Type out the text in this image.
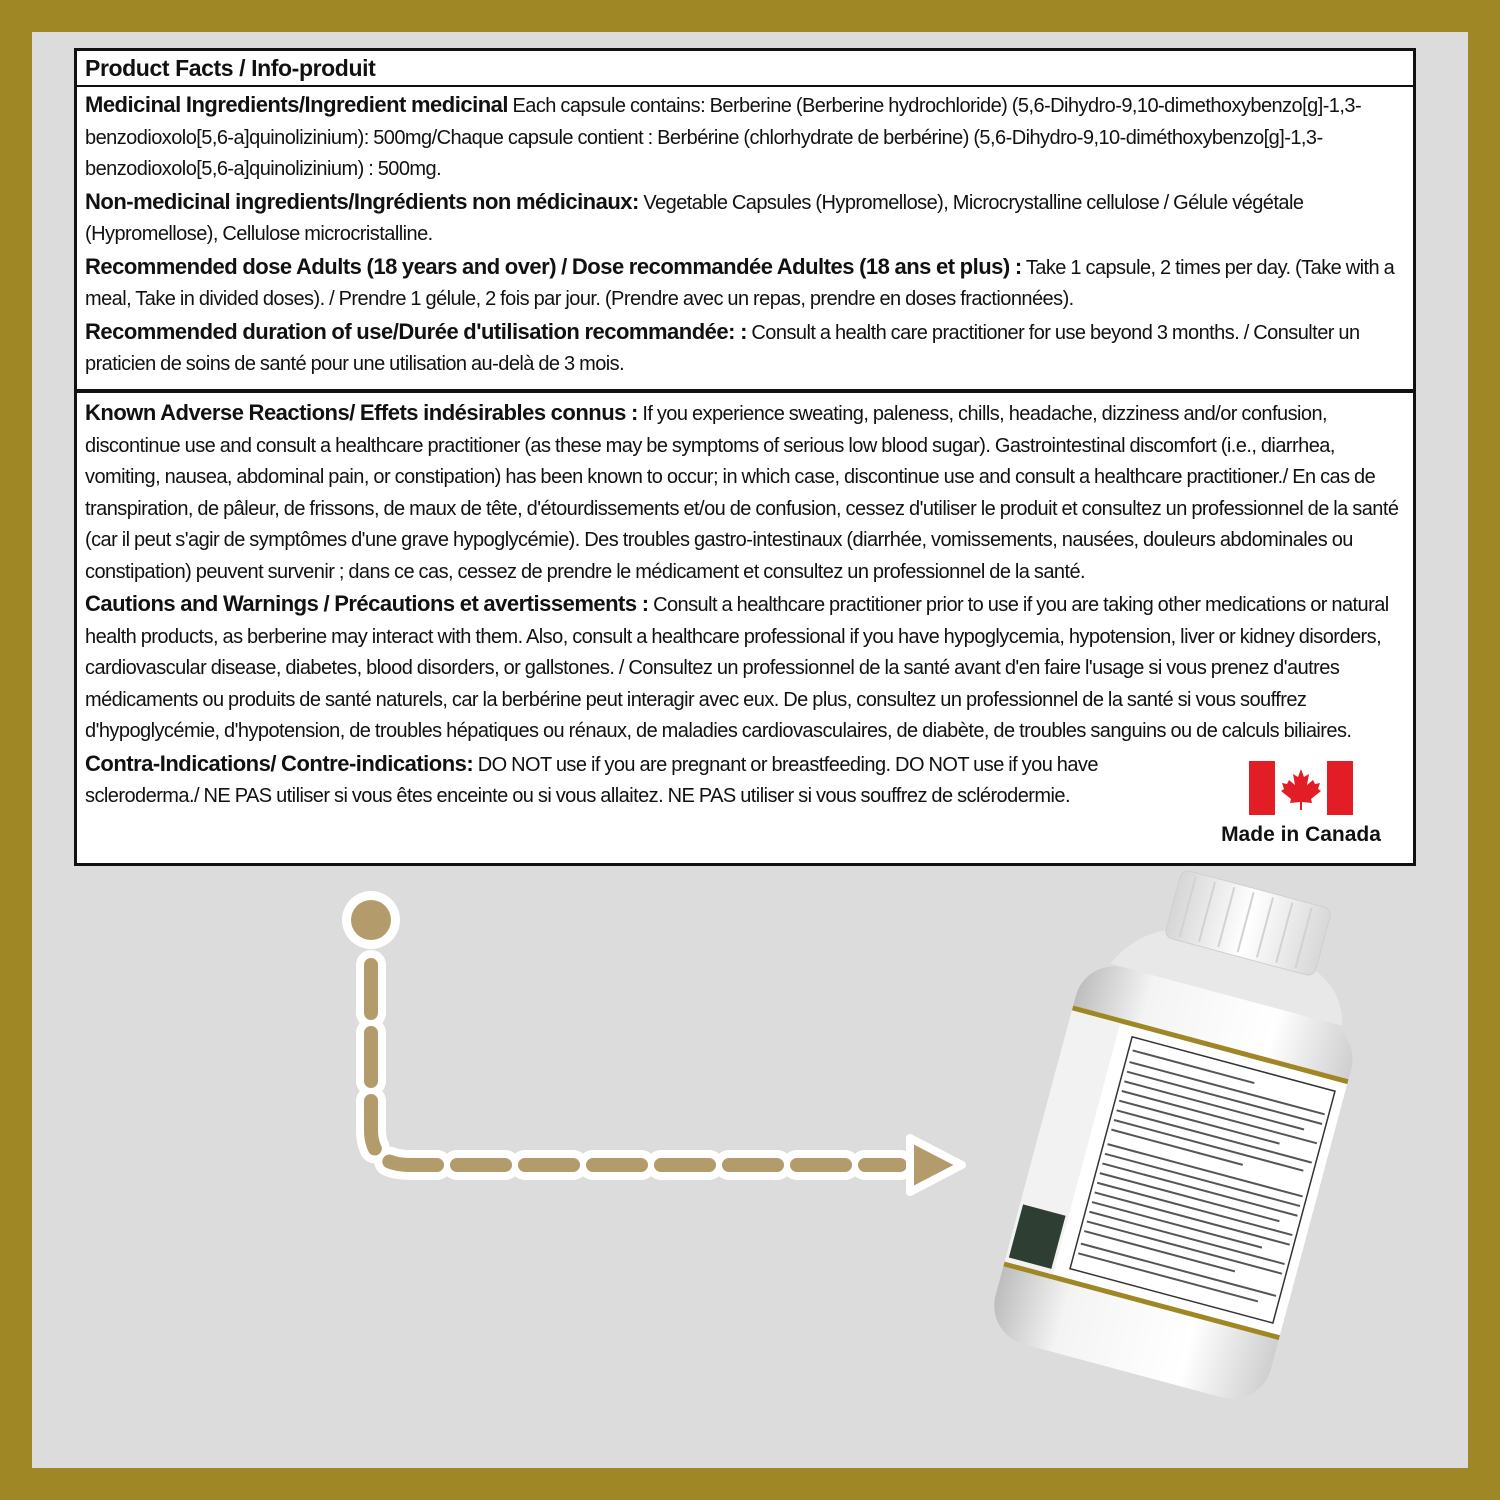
Product Facts / Info-produit

Medicinal Ingredients/Ingredient medicinal Each capsule contains: Berberine (Berberine hydrochloride) (5,6-Dihydro-9,10-dimethoxybenzo[g]-1,3-benzodioxolo[5,6-a]quinolizinium): 500mg/Chaque capsule contient : Berbérine (chlorhydrate de berbérine) (5,6-Dihydro-9,10-diméthoxybenzo[g]-1,3-benzodioxolo[5,6-a]quinolizinium) : 500mg.

Non-medicinal ingredients/Ingrédients non médicinaux: Vegetable Capsules (Hypromellose), Microcrystalline cellulose / Gélule végétale (Hypromellose), Cellulose microcristalline.

Recommended dose Adults (18 years and over) / Dose recommandée Adultes (18 ans et plus) : Take 1 capsule, 2 times per day. (Take with a meal, Take in divided doses). / Prendre 1 gélule, 2 fois par jour. (Prendre avec un repas, prendre en doses fractionnées).

Recommended duration of use/Durée d'utilisation recommandée: : Consult a health care practitioner for use beyond 3 months. / Consulter un praticien de soins de santé pour une utilisation au-delà de 3 mois.

Known Adverse Reactions/ Effets indésirables connus : If you experience sweating, paleness, chills, headache, dizziness and/or confusion, discontinue use and consult a healthcare practitioner (as these may be symptoms of serious low blood sugar). Gastrointestinal discomfort (i.e., diarrhea, vomiting, nausea, abdominal pain, or constipation) has been known to occur; in which case, discontinue use and consult a healthcare practitioner./ En cas de transpiration, de pâleur, de frissons, de maux de tête, d'étourdissements et/ou de confusion, cessez d'utiliser le produit et consultez un professionnel de la santé (car il peut s'agir de symptômes d'une grave hypoglycémie). Des troubles gastro-intestinaux (diarrhée, vomissements, nausées, douleurs abdominales ou constipation) peuvent survenir ; dans ce cas, cessez de prendre le médicament et consultez un professionnel de la santé.

Cautions and Warnings / Précautions et avertissements : Consult a healthcare practitioner prior to use if you are taking other medications or natural health products, as berberine may interact with them. Also, consult a healthcare professional if you have hypoglycemia, hypotension, liver or kidney disorders, cardiovascular disease, diabetes, blood disorders, or gallstones. / Consultez un professionnel de la santé avant d'en faire l'usage si vous prenez d'autres médicaments ou produits de santé naturels, car la berbérine peut interagir avec eux. De plus, consultez un professionnel de la santé si vous souffrez d'hypoglycémie, d'hypotension, de troubles hépatiques ou rénaux, de maladies cardiovasculaires, de diabète, de troubles sanguins ou de calculs biliaires.

Contra-Indications/ Contre-indications: DO NOT use if you are pregnant or breastfeeding. DO NOT use if you have scleroderma./ NE PAS utiliser si vous êtes enceinte ou si vous allaitez. NE PAS utiliser si vous souffrez de sclérodermie.

Made in Canada
